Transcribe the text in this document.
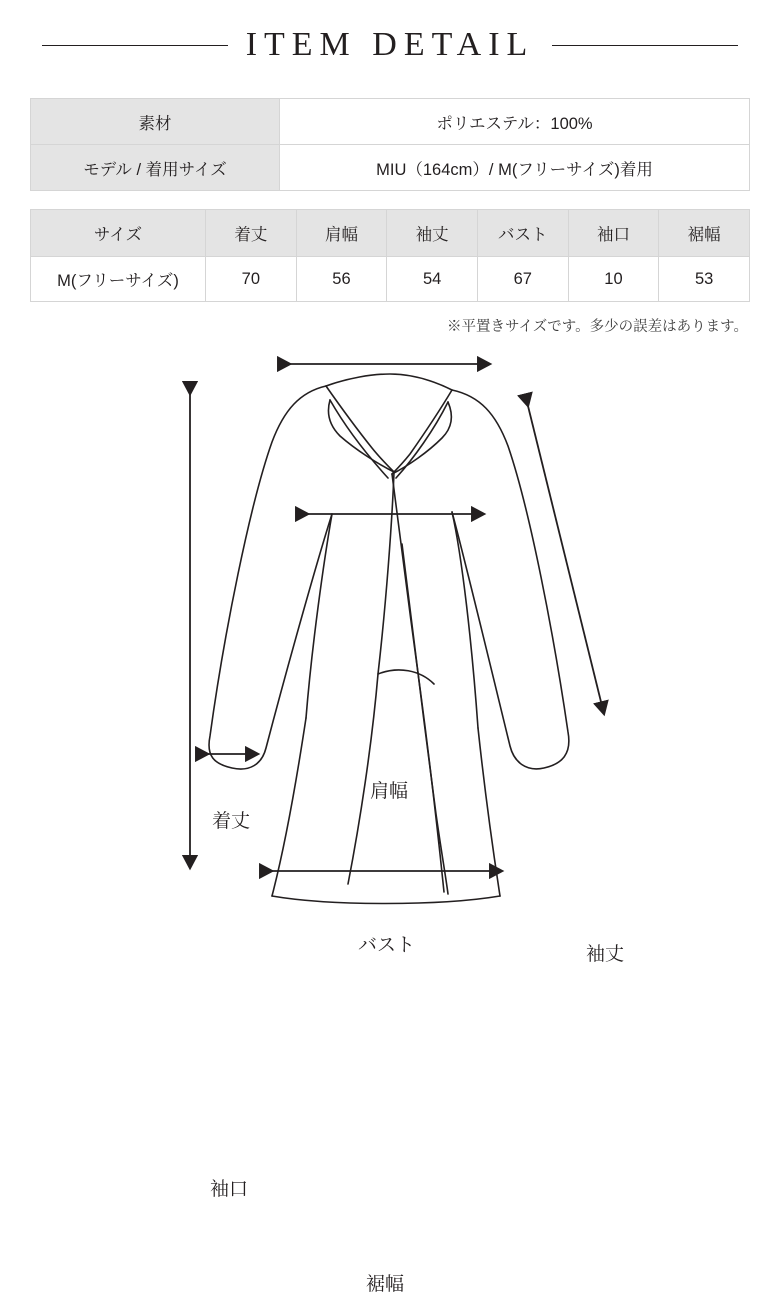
ITEM DETAIL
素材	ポリエステル：100%
モデル / 着用サイズ	MIU（164cm）/ M(フリーサイズ)着用
サイズ	着丈	肩幅	袖丈	バスト	袖口	裾幅
M(フリーサイズ)	70	56	54	67	10	53
※平置きサイズです。多少の誤差はあります。
着丈
肩幅
バスト	袖丈
袖口
裾幅
